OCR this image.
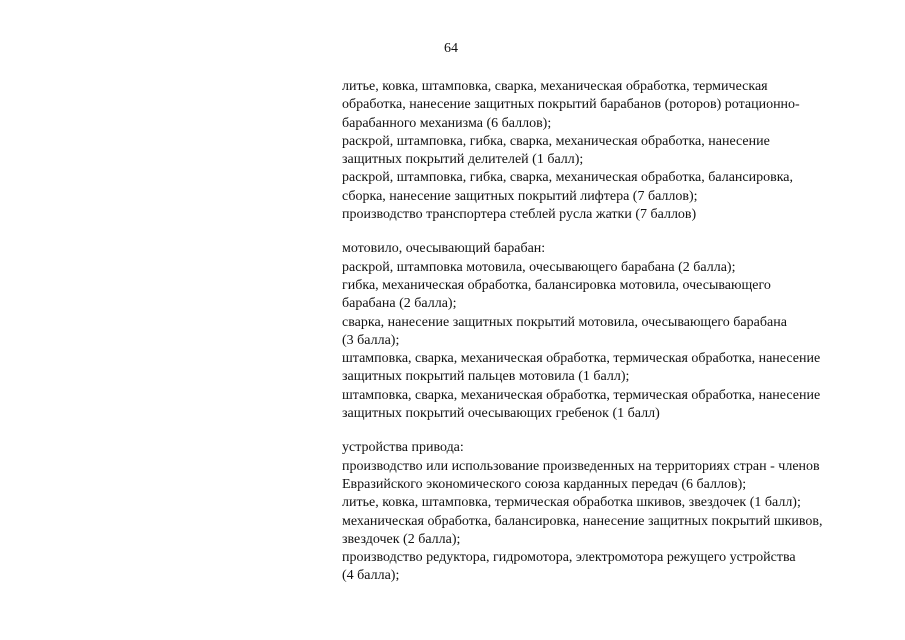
64
литье, ковка, штамповка, сварка, механическая обработка, термическая
обработка, нанесение защитных покрытий барабанов (роторов) ротационно-
барабанного механизма (6 баллов);
раскрой, штамповка, гибка, сварка, механическая обработка, нанесение
защитных покрытий делителей (1 балл);
раскрой, штамповка, гибка, сварка, механическая обработка, балансировка,
сборка, нанесение защитных покрытий лифтера (7 баллов);
производство транспортера стеблей русла жатки (7 баллов)
мотовило, очесывающий барабан:
раскрой, штамповка мотовила, очесывающего барабана (2 балла);
гибка, механическая обработка, балансировка мотовила, очесывающего
барабана (2 балла);
сварка, нанесение защитных покрытий мотовила, очесывающего барабана
(3 балла);
штамповка, сварка, механическая обработка, термическая обработка, нанесение
защитных покрытий пальцев мотовила (1 балл);
штамповка, сварка, механическая обработка, термическая обработка, нанесение
защитных покрытий очесывающих гребенок (1 балл)
устройства привода:
производство или использование произведенных на территориях стран - членов
Евразийского экономического союза карданных передач (6 баллов);
литье, ковка, штамповка, термическая обработка шкивов, звездочек (1 балл);
механическая обработка, балансировка, нанесение защитных покрытий шкивов,
звездочек (2 балла);
производство редуктора, гидромотора, электромотора режущего устройства
(4 балла);
